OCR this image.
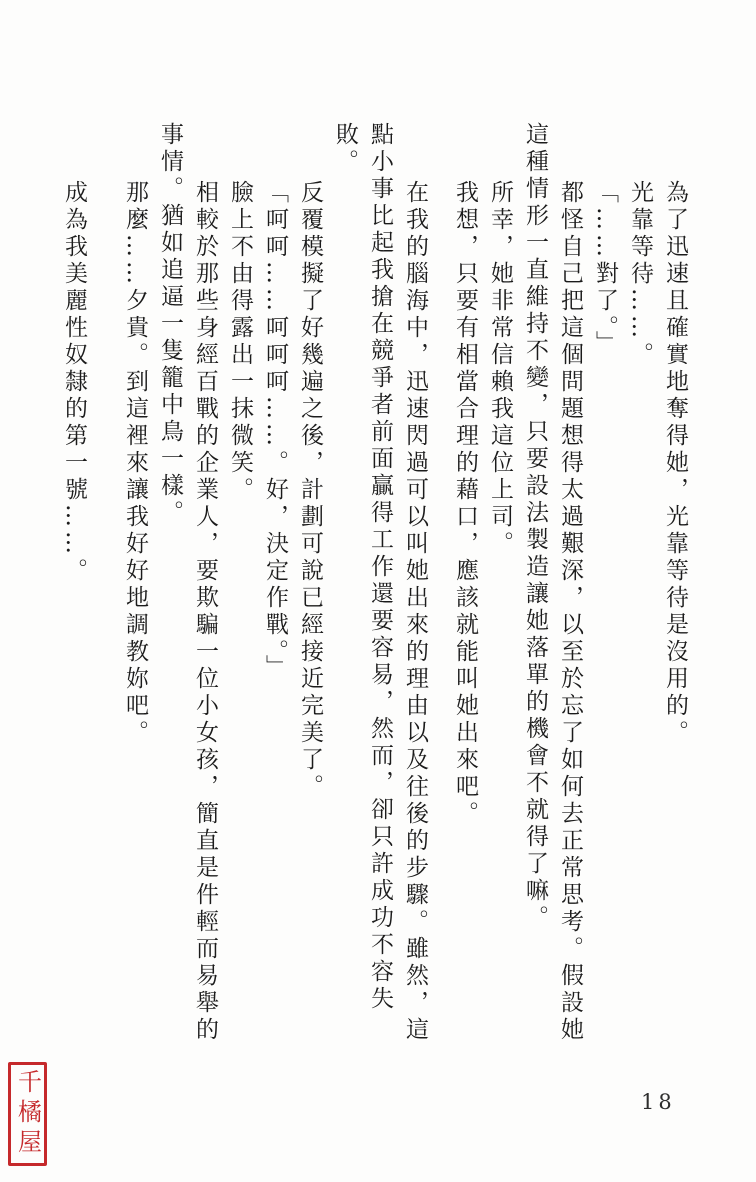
為了迅速且確實地奪得她，光靠等待是沒用的。
光靠等待……。
「……對了。」
都怪自己把這個問題想得太過艱深，以至於忘了如何去正常思考。假設她
這種情形一直維持不變，只要設法製造讓她落單的機會不就得了嘛。
所幸，她非常信賴我這位上司。
我想，只要有相當合理的藉口，應該就能叫她出來吧。
在我的腦海中，迅速閃過可以叫她出來的理由以及往後的步驟。雖然，這
點小事比起我搶在競爭者前面贏得工作還要容易，然而，卻只許成功不容失
敗。
反覆模擬了好幾遍之後，計劃可說已經接近完美了。
「呵呵……呵呵呵……。好，決定作戰。」
臉上不由得露出一抹微笑。
相較於那些身經百戰的企業人，要欺騙一位小女孩，簡直是件輕而易舉的
事情。猶如追逼一隻籠中鳥一樣。
那麼……夕貴。到這裡來讓我好好地調教妳吧。
成為我美麗性奴隸的第一號……。
千橘屋	18
